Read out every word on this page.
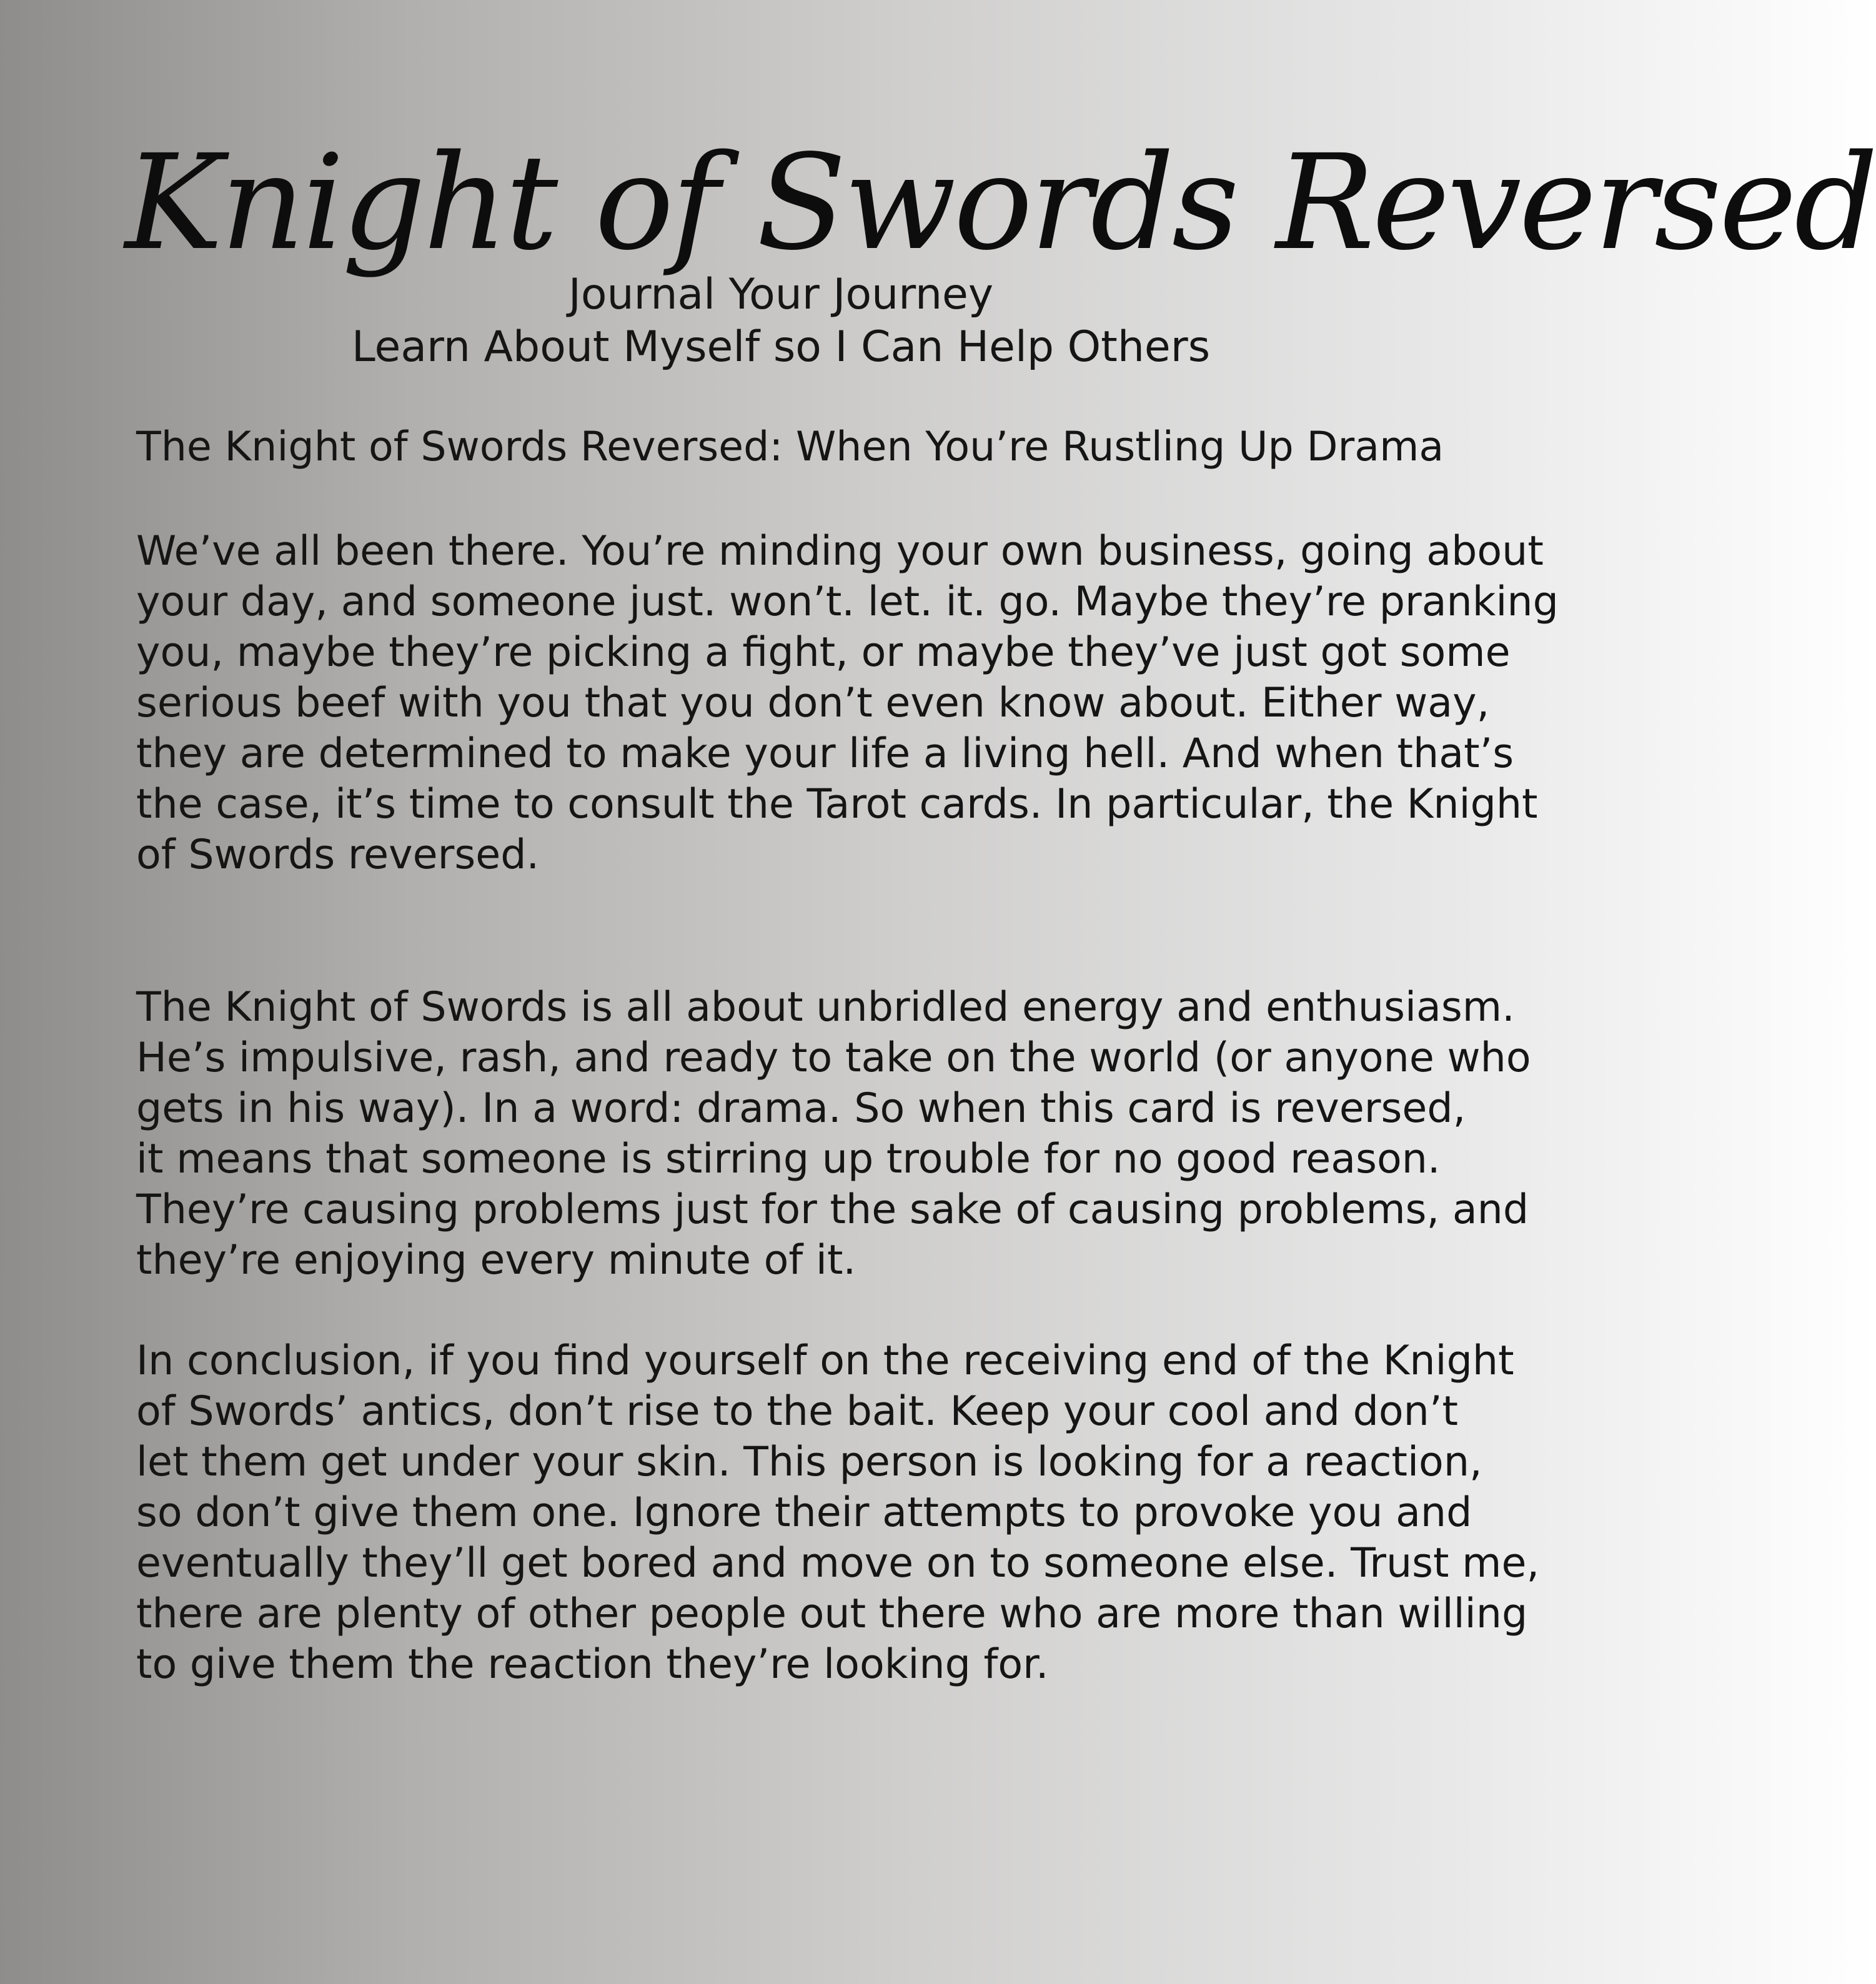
Knight of Swords Reversed
Journal Your Journey
Learn About Myself so I Can Help Others
The Knight of Swords Reversed: When You’re Rustling Up Drama
We’ve all been there. You’re minding your own business, going about
your day, and someone just. won’t. let. it. go. Maybe they’re pranking
you, maybe they’re picking a fight, or maybe they’ve just got some
serious beef with you that you don’t even know about. Either way,
they are determined to make your life a living hell. And when that’s
the case, it’s time to consult the Tarot cards. In particular, the Knight
of Swords reversed.
The Knight of Swords is all about unbridled energy and enthusiasm.
He’s impulsive, rash, and ready to take on the world (or anyone who
gets in his way). In a word: drama. So when this card is reversed,
it means that someone is stirring up trouble for no good reason.
They’re causing problems just for the sake of causing problems, and
they’re enjoying every minute of it.
In conclusion, if you find yourself on the receiving end of the Knight
of Swords’ antics, don’t rise to the bait. Keep your cool and don’t
let them get under your skin. This person is looking for a reaction,
so don’t give them one. Ignore their attempts to provoke you and
eventually they’ll get bored and move on to someone else. Trust me,
there are plenty of other people out there who are more than willing
to give them the reaction they’re looking for.
